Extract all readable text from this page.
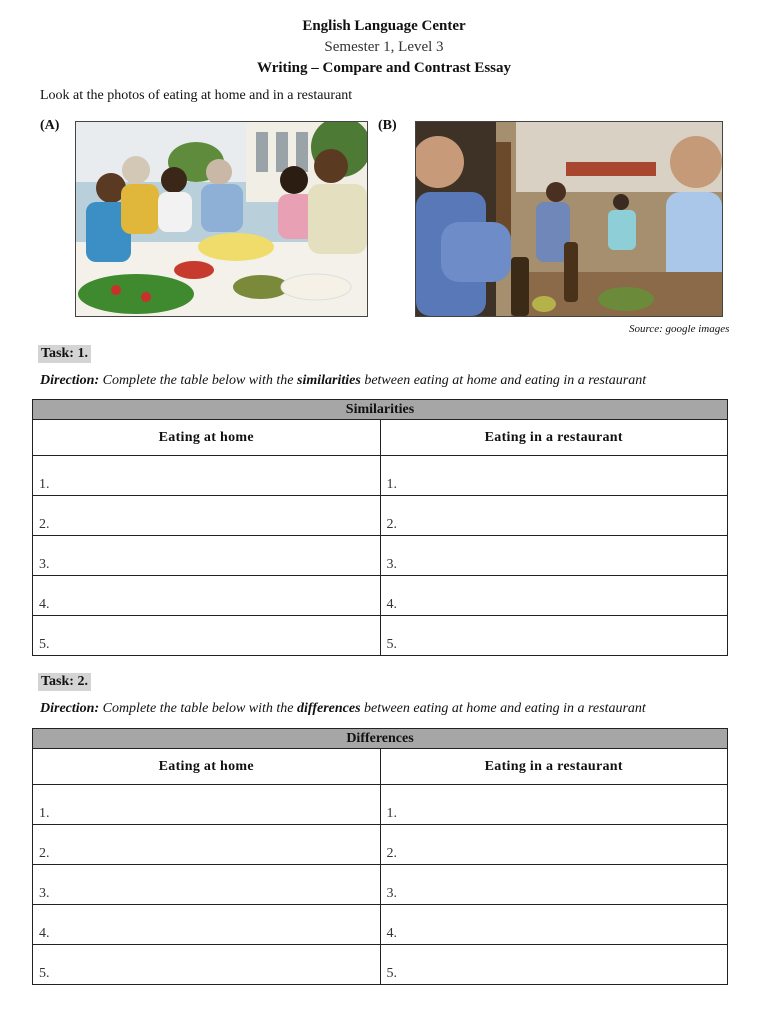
English Language Center
Semester 1, Level 3
Writing – Compare and Contrast Essay
Look at the photos of eating at home and in a restaurant
(A)	(B)
Source: google images
Task: 1.
Direction: Complete the table below with the similarities between eating at home and eating in a restaurant
Similarities	
Eating at home	Eating in a restaurant
1.	1.
2.	2.
3.	3.
4.	4.
5.	5.
Task: 2.
Direction: Complete the table below with the differences between eating at home and eating in a restaurant
Differences	
Eating at home	Eating in a restaurant
1.	1.
2.	2.
3.	3.
4.	4.
5.	5.
